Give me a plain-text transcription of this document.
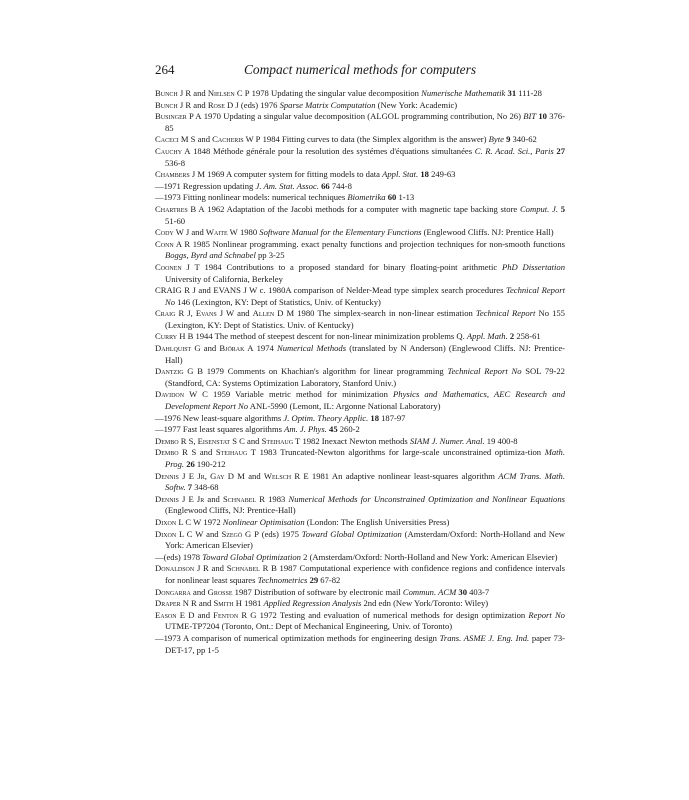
264	Compact numerical methods for computers
Bunch J R and Nielsen C P 1978 Updating the singular value decomposition Numerische Mathematik 31 111-28
Bunch J R and Rose D J (eds) 1976 Sparse Matrix Computation (New York: Academic)
Businger P A 1970 Updating a singular value decomposition (ALGOL programming contribution, No 26) BIT 10 376-85
Caceci M S and Cacheris W P 1984 Fitting curves to data (the Simplex algorithm is the answer) Byte 9 340-62
Cauchy A 1848 Méthode générale pour la resolution des systémes d'équations simultanées C. R. Acad. Sci., Paris 27 536-8
Chambers J M 1969 A computer system for fitting models to data Appl. Stat. 18 249-63
—1971 Regression updating J. Am. Stat. Assoc. 66 744-8
—1973 Fitting nonlinear models: numerical techniques Biometrika 60 1-13
Chartres B A 1962 Adaptation of the Jacobi methods for a computer with magnetic tape backing store Comput. J. 5 51-60
Cody W J and Waite W 1980 Software Manual for the Elementary Functions (Englewood Cliffs. NJ: Prentice Hall)
Conn A R 1985 Nonlinear programming. exact penalty functions and projection techniques for non-smooth functions Boggs, Byrd and Schnabel pp 3-25
Coonen J T 1984 Contributions to a proposed standard for binary floating-point arithmetic PhD Dissertation University of California, Berkeley
CRAIG R J and EVANS J W c. 1980A comparison of Nelder-Mead type simplex search procedures Technical Report No 146 (Lexington, KY: Dept of Statistics, Univ. of Kentucky)
Craig R J, Evans J W and Allen D M 1980 The simplex-search in non-linear estimation Technical Report No 155 (Lexington, KY: Dept of Statistics. Univ. of Kentucky)
Curry H B 1944 The method of steepest descent for non-linear minimization problems Q. Appl. Math. 2 258-61
Dahlquist G and Björak A 1974 Numerical Methods (translated by N Anderson) (Englewood Cliffs. NJ: Prentice-Hall)
Dantzig G B 1979 Comments on Khachian's algorithm for linear programming Technical Report No SOL 79-22 (Standford, CA: Systems Optimization Laboratory, Stanford Univ.)
Davidon W C 1959 Variable metric method for minimization Physics and Mathematics, AEC Research and Development Report No ANL-5990 (Lemont, IL: Argonne National Laboratory)
—1976 New least-square algorithms J. Optim. Theory Applic. 18 187-97
—1977 Fast least squares algorithms Am. J. Phys. 45 260-2
Dembo R S, Eisenstat S C and Steihaug T 1982 Inexact Newton methods SIAM J. Numer. Anal. 19 400-8
Dembo R S and Steihaug T 1983 Truncated-Newton algorithms for large-scale unconstrained optimiza-tion Math. Prog. 26 190-212
Dennis J E Jr, Gay D M and Welsch R E 1981 An adaptive nonlinear least-squares algorithm ACM Trans. Math. Softw. 7 348-68
Dennis J E Jr and Schnabel R 1983 Numerical Methods for Unconstrained Optimization and Nonlinear Equations (Englewood Cliffs, NJ: Prentice-Hall)
Dixon L C W 1972 Nonlinear Optimisation (London: The English Universities Press)
Dixon L C W and Szegö G P (eds) 1975 Toward Global Optimization (Amsterdam/Oxford: North-Holland and New York: American Elsevier)
—(eds) 1978 Toward Global Optimization 2 (Amsterdam/Oxford: North-Holland and New York: American Elsevier)
Donaldson J R and Schnabel R B 1987 Computational experience with confidence regions and confidence intervals for nonlinear least squares Technometrics 29 67-82
Dongarra and Grosse 1987 Distribution of software by electronic mail Commun. ACM 30 403-7
Draper N R and Smith H 1981 Applied Regression Analysis 2nd edn (New York/Toronto: Wiley)
Eason E D and Fenton R G 1972 Testing and evaluation of numerical methods for design optimization Report No UTME-TP7204 (Toronto, Ont.: Dept of Mechanical Engineering, Univ. of Toronto)
—1973 A comparison of numerical optimization methods for engineering design Trans. ASME J. Eng. Ind. paper 73-DET-17, pp 1-5
